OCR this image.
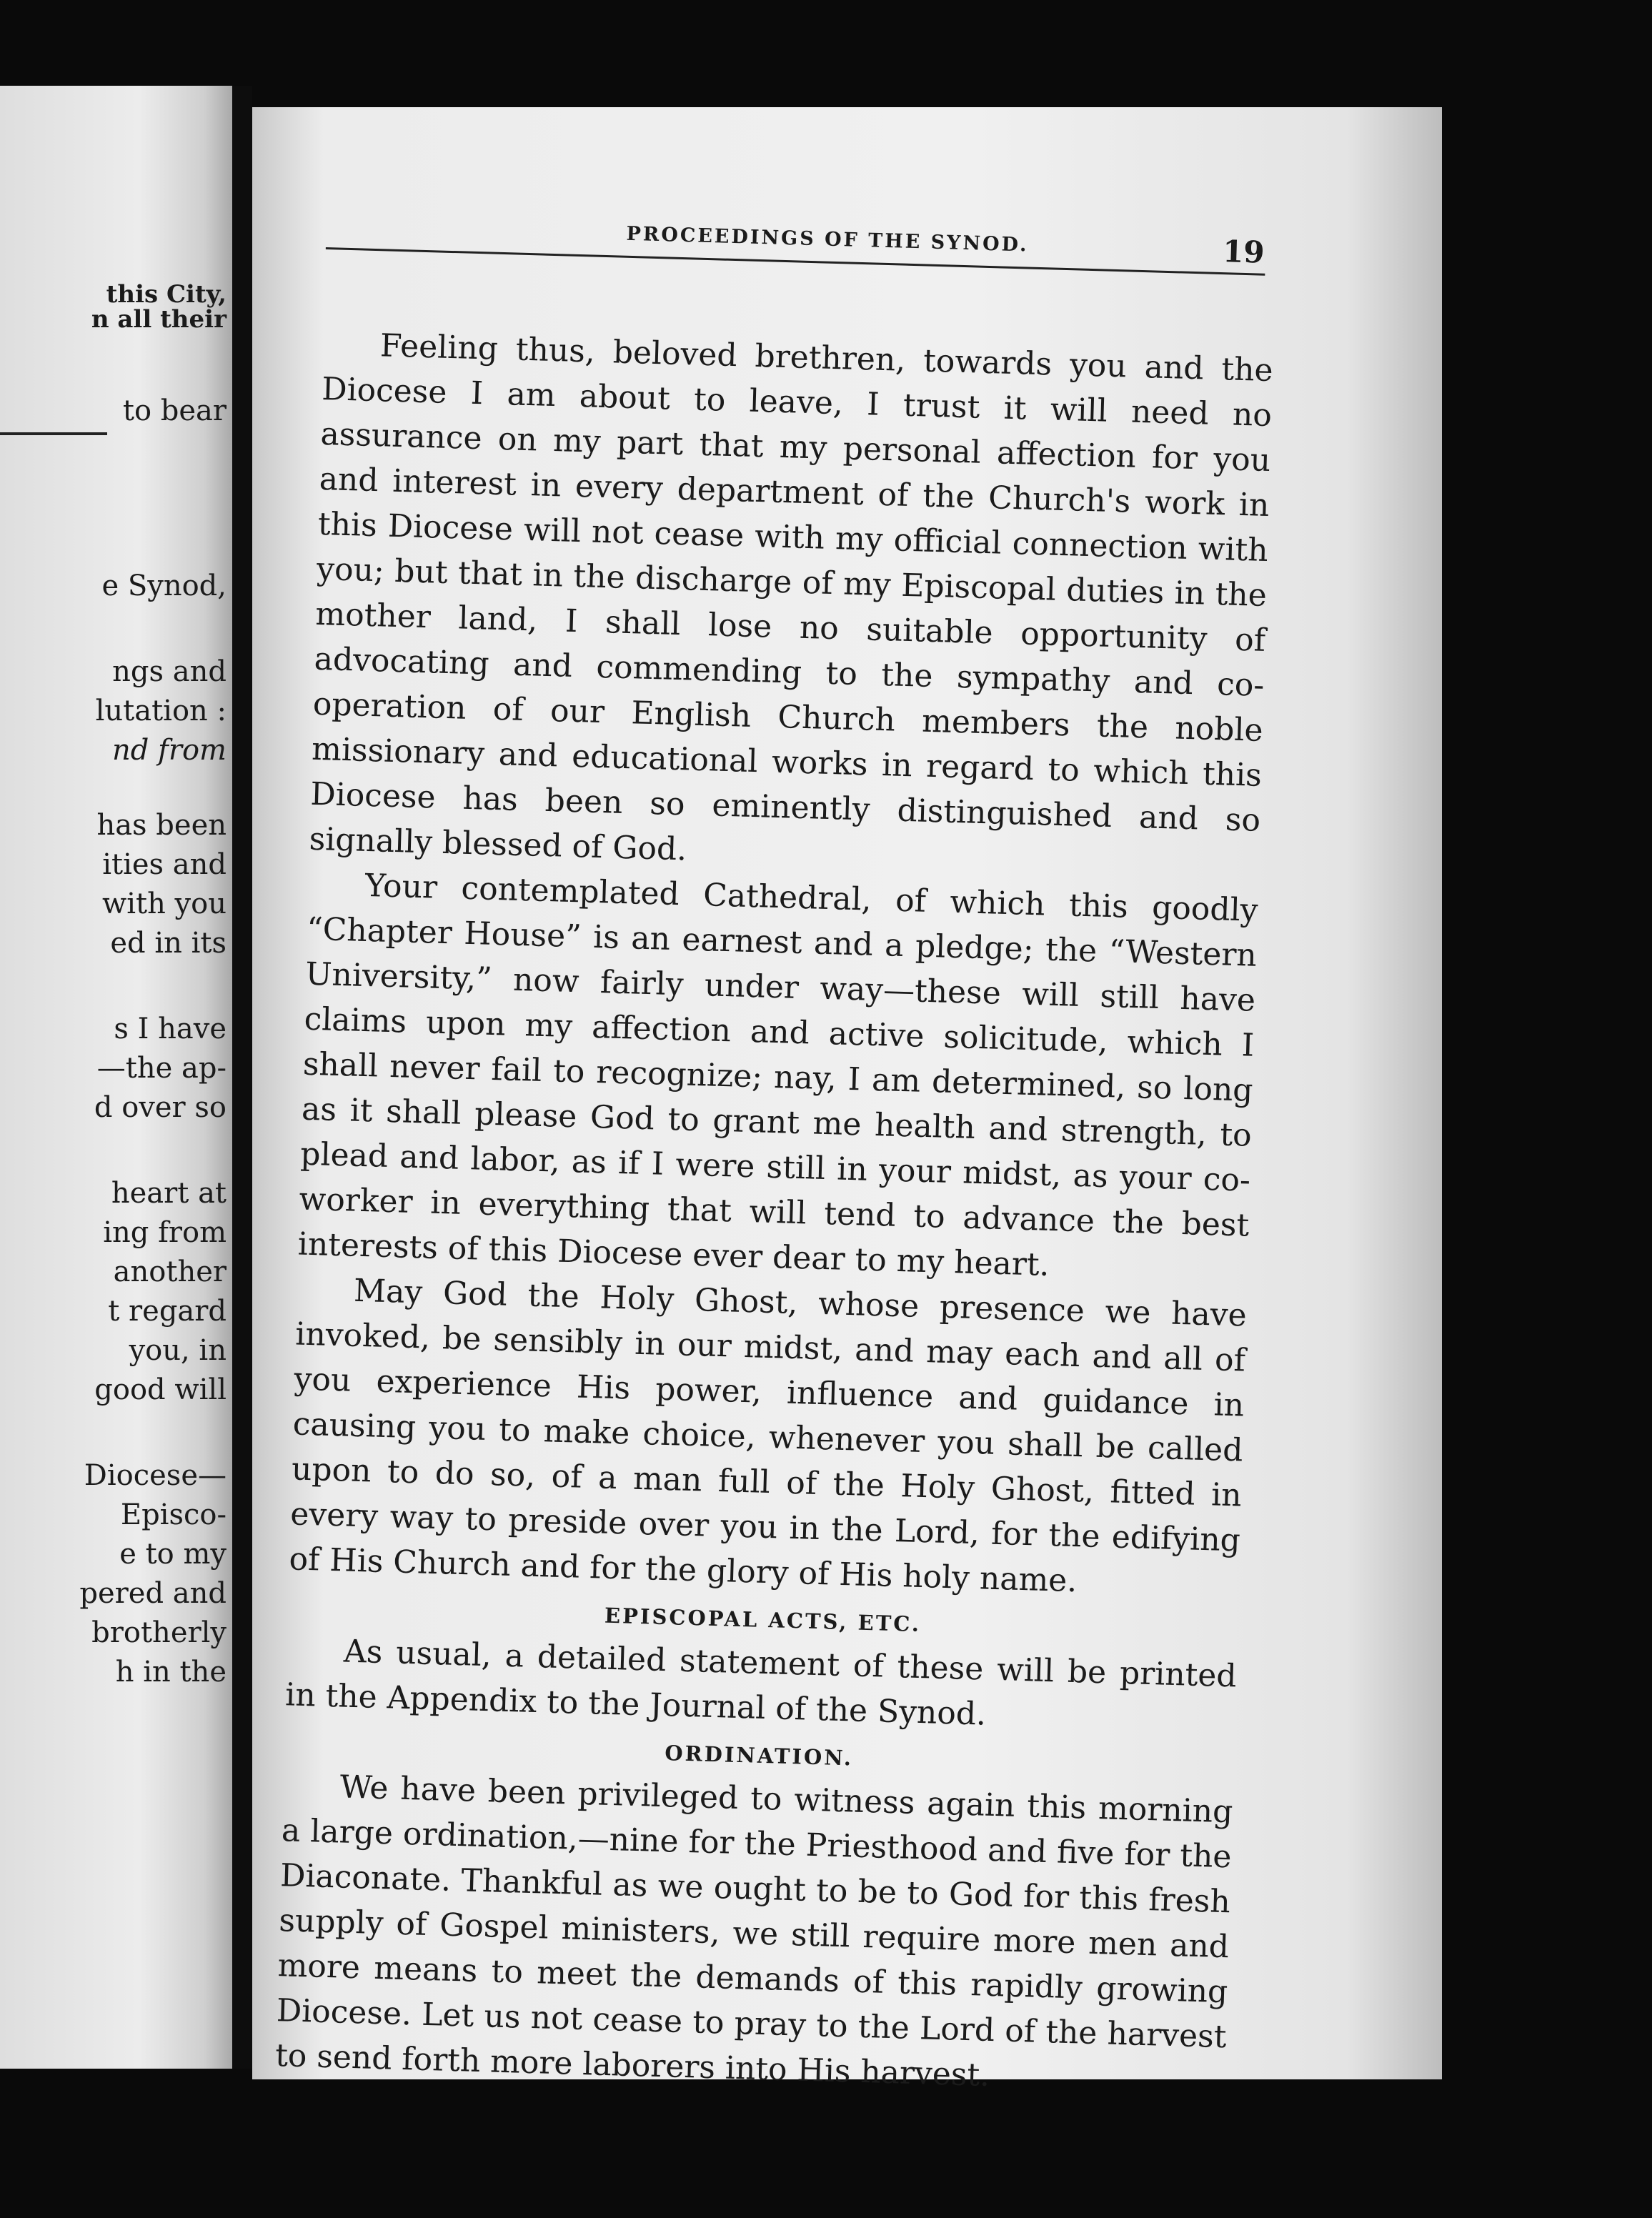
this City,
n all their
to bear
e Synod,
ngs and
lutation :
nd from
has been
ities and
with you
ed in its
s I have
—the ap-
d over so
heart at
ing from
another
t regard
you, in
good will
Diocese—
Episco-
e to my
pered and
brotherly
h in the
PROCEEDINGS OF THE SYNOD.	19

Feeling thus, beloved brethren, towards you and the Diocese I am about to leave, I trust it will need no assurance on my part that my personal affection for you and interest in every department of the Church's work in this Diocese will not cease with my official connection with you; but that in the discharge of my Episcopal duties in the mother land, I shall lose no suitable opportunity of advocating and commending to the sympathy and co-operation of our English Church members the noble missionary and educational works in regard to which this Diocese has been so eminently distinguished and so signally blessed of God.

Your contemplated Cathedral, of which this goodly “Chapter House” is an earnest and a pledge; the “Western University,” now fairly under way—these will still have claims upon my affection and active solicitude, which I shall never fail to recognize; nay, I am determined, so long as it shall please God to grant me health and strength, to plead and labor, as if I were still in your midst, as your co-worker in everything that will tend to advance the best interests of this Diocese ever dear to my heart.

May God the Holy Ghost, whose presence we have invoked, be sensibly in our midst, and may each and all of you experience His power, influence and guidance in causing you to make choice, whenever you shall be called upon to do so, of a man full of the Holy Ghost, fitted in every way to preside over you in the Lord, for the edifying of His Church and for the glory of His holy name.

EPISCOPAL ACTS, ETC.

As usual, a detailed statement of these will be printed in the Appendix to the Journal of the Synod.

ORDINATION.

We have been privileged to witness again this morning a large ordination,—nine for the Priesthood and five for the Diaconate. Thankful as we ought to be to God for this fresh supply of Gospel ministers, we still require more men and more means to meet the demands of this rapidly growing Diocese. Let us not cease to pray to the Lord of the harvest to send forth more laborers into His harvest.
